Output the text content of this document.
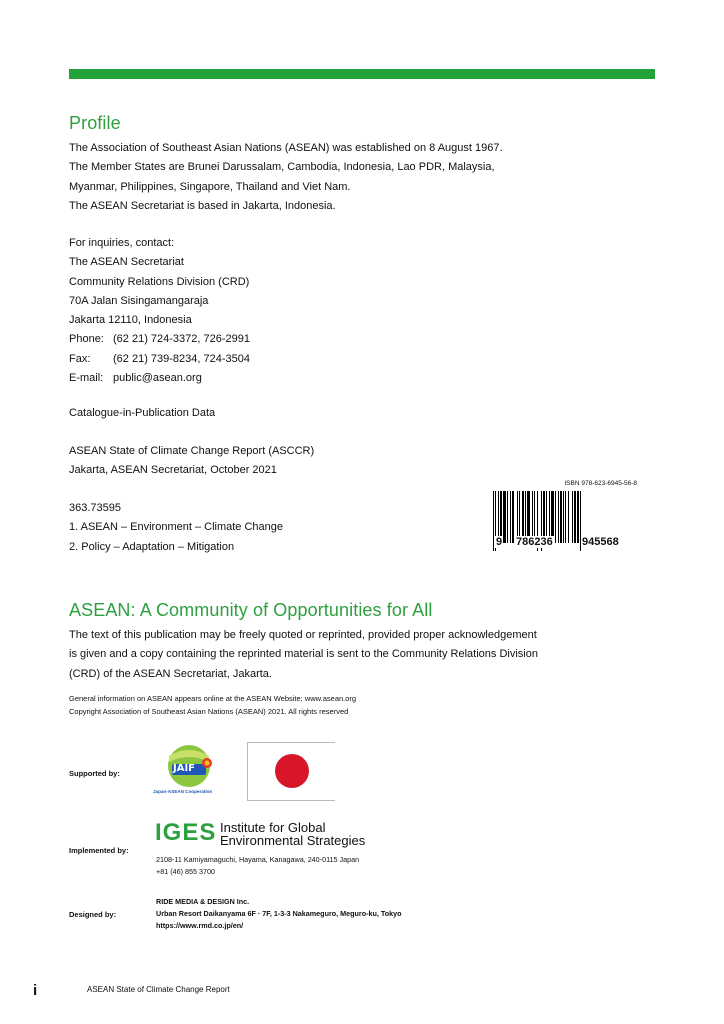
Profile

The Association of Southeast Asian Nations (ASEAN) was established on 8 August 1967.

The Member States are Brunei Darussalam, Cambodia, Indonesia, Lao PDR, Malaysia,

Myanmar, Philippines, Singapore, Thailand and Viet Nam.

The ASEAN Secretariat is based in Jakarta, Indonesia.

For inquiries, contact:

The ASEAN Secretariat

Community Relations Division (CRD)

70A Jalan Sisingamangaraja

Jakarta 12110, Indonesia

Phone: (62 21) 724-3372, 726-2991
Fax:	(62 21) 739-8234, 724-3504
E-mail: public@asean.org

Catalogue-in-Publication Data

ASEAN State of Climate Change Report (ASCCR)

Jakarta, ASEAN Secretariat, October 2021

363.73595

1. ASEAN – Environment – Climate Change

2. Policy – Adaptation – Mitigation

ISBN 978-623-6945-56-8
9 786236	945568
ASEAN: A Community of Opportunities for All

The text of this publication may be freely quoted or reprinted, provided proper acknowledgement

is given and a copy containing the reprinted material is sent to the Community Relations Division

(CRD) of the ASEAN Secretariat, Jakarta.

General information on ASEAN appears online at the ASEAN Website: www.asean.org

Copyright Association of Southeast Asian Nations (ASEAN) 2021. All rights reserved

Supported by:	JAIF
Japan-ASEAN Cooperation
Implemented by:
IGES Institute for Global
Environmental Strategies

2108-11 Kamiyamaguchi, Hayama, Kanagawa, 240-0115 Japan

+81 (46) 855 3700

Designed by:

RIDE MEDIA & DESIGN Inc.

Urban Resort Daikanyama 6F · 7F, 1-3-3 Nakameguro, Meguro-ku, Tokyo

https://www.rmd.co.jp/en/

i	ASEAN State of Climate Change Report
